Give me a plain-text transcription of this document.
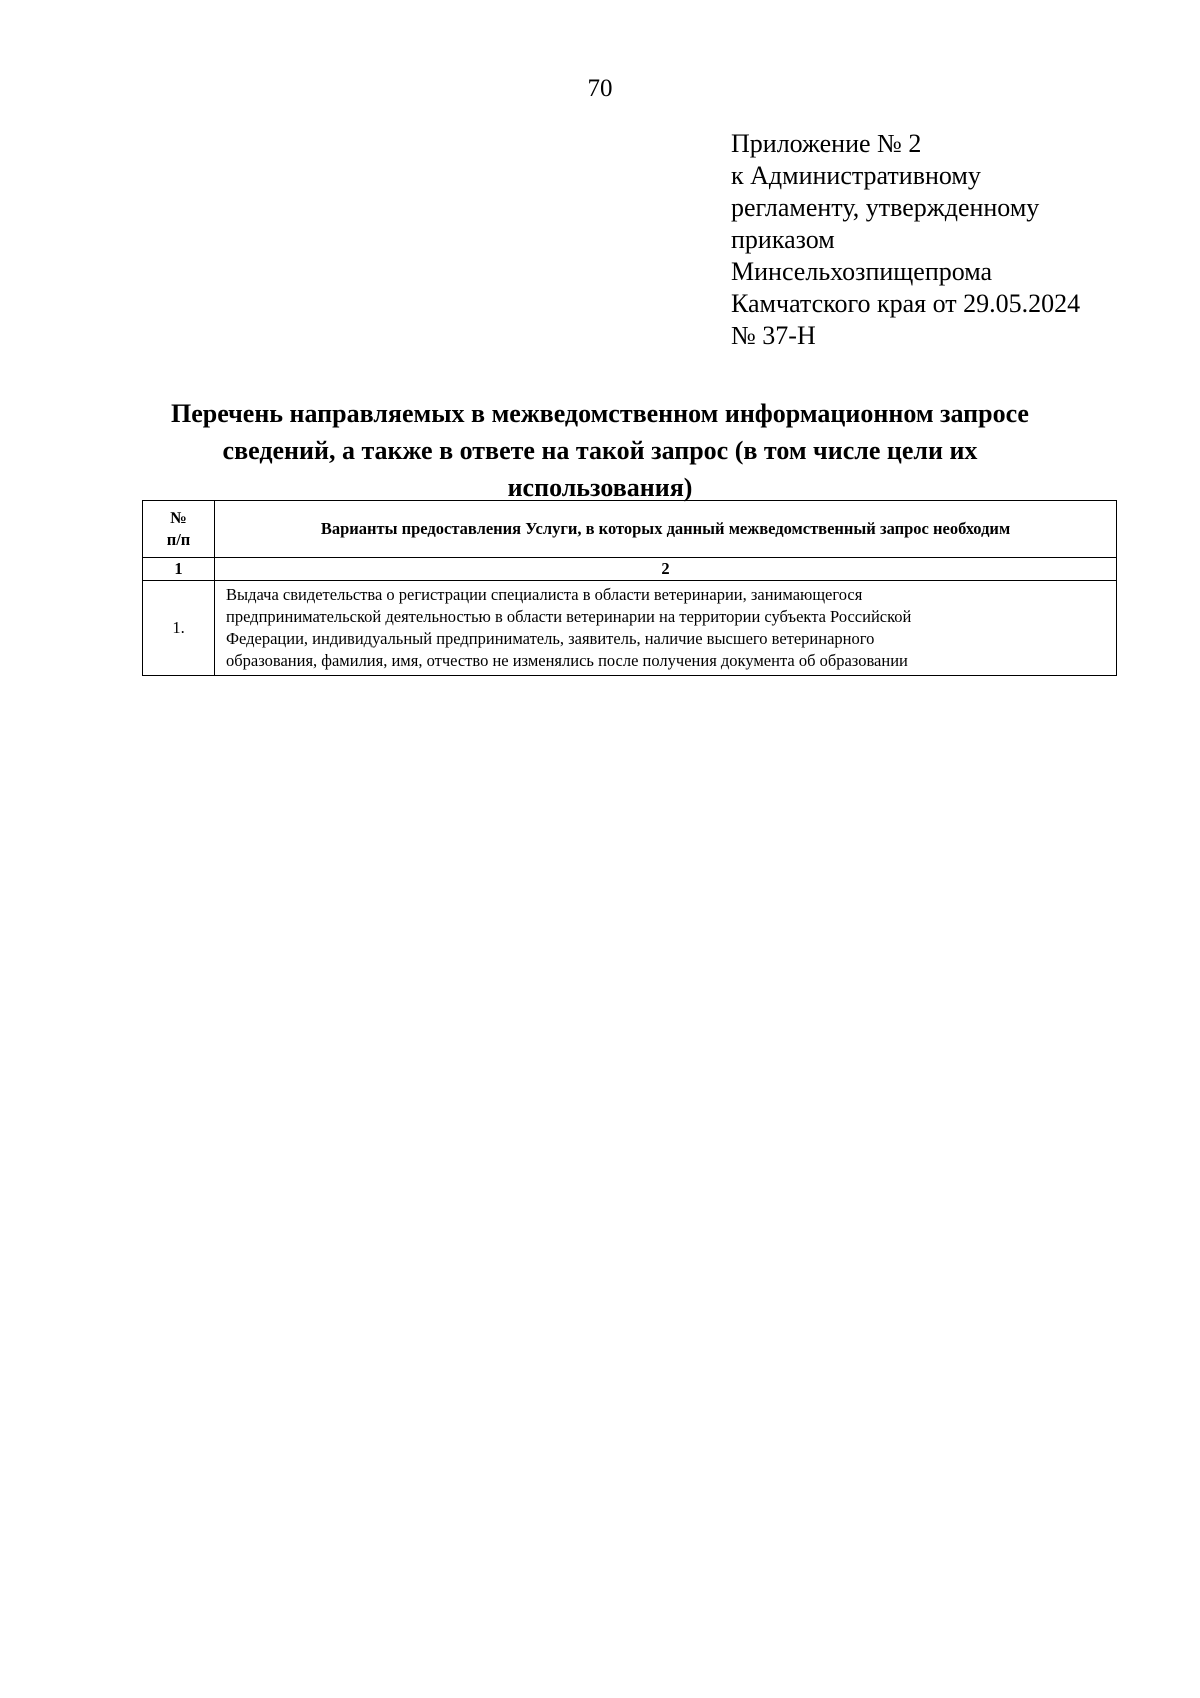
70
Приложение № 2
к Административному
регламенту, утвержденному
приказом
Минсельхозпищепрома
Камчатского края от 29.05.2024
№ 37-Н
Перечень направляемых в межведомственном информационном запросе
сведений, а также в ответе на такой запрос (в том числе цели их
использования)
№
п/п	Варианты предоставления Услуги, в которых данный межведомственный запрос необходим
1	2
1.	Выдача свидетельства о регистрации специалиста в области ветеринарии, занимающегося
предпринимательской деятельностью в области ветеринарии на территории субъекта Российской
Федерации, индивидуальный предприниматель, заявитель, наличие высшего ветеринарного
образования, фамилия, имя, отчество не изменялись после получения документа об образовании
